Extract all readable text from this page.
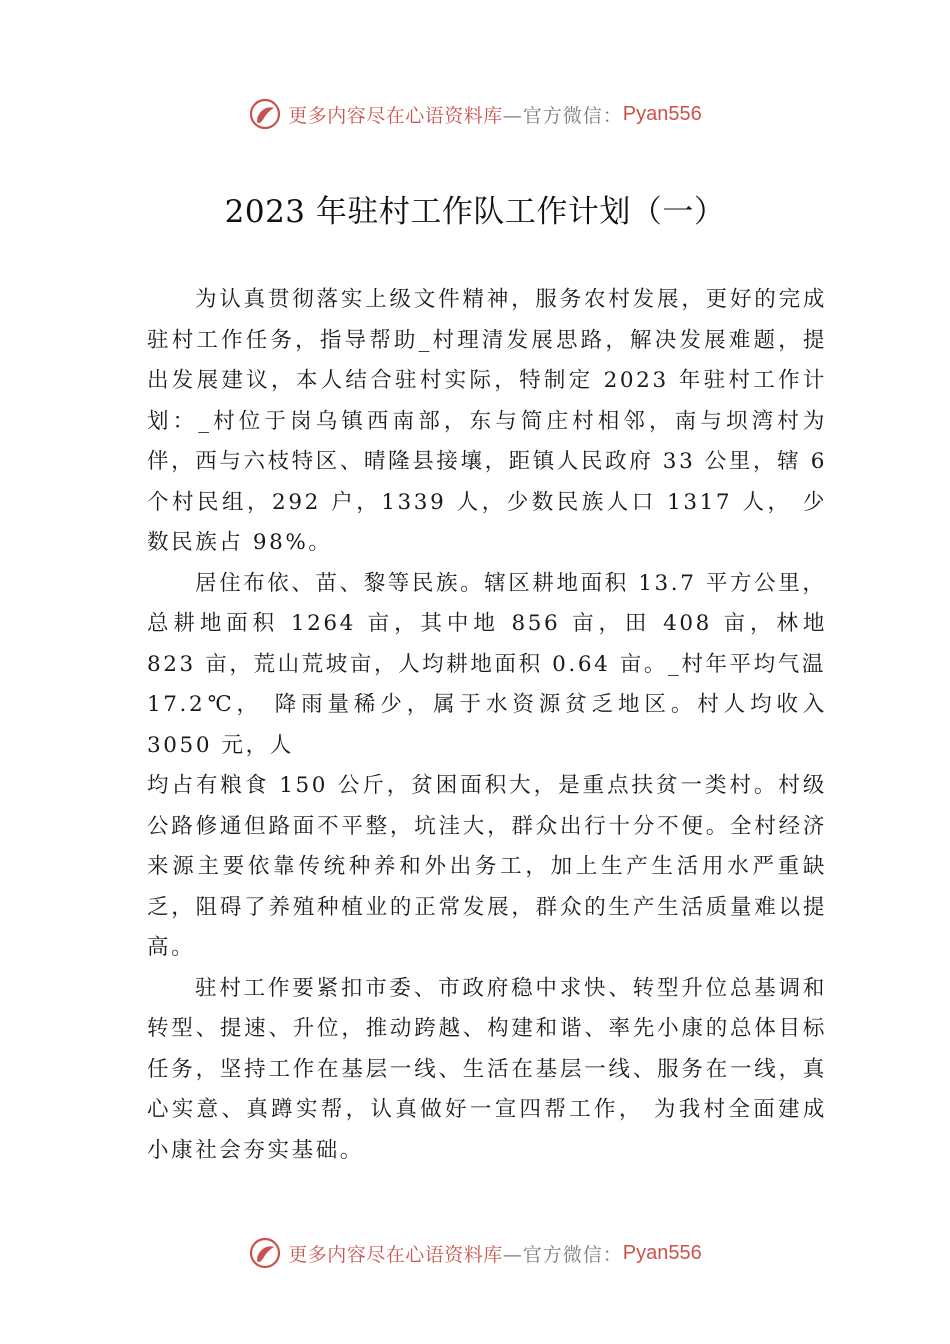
更多内容尽在心语资料库 —官方微信： Pyan556
2023 年驻村工作队工作计划（一）

为认真贯彻落实上级文件精神，服务农村发展，更好的完成驻村工作任务，指导帮助_村理清发展思路，解决发展难题，提出发展建议，本人结合驻村实际，特制定 2023 年驻村工作计划：_村位于岗乌镇西南部，东与简庄村相邻，南与坝湾村为伴，西与六枝特区、晴隆县接壤，距镇人民政府 33 公里，辖 6 个村民组，292 户，1339 人，少数民族人口 1317 人， 少数民族占 98%。

居住布依、苗、黎等民族。辖区耕地面积 13.7 平方公里，

总耕地面积 1264 亩，其中地 856 亩，田 408 亩，林地 823 亩，荒山荒坡亩，人均耕地面积 0.64 亩。_村年平均气温

17.2℃， 降雨量稀少，属于水资源贫乏地区。村人均收入 3050 元，人

均占有粮食 150 公斤，贫困面积大，是重点扶贫一类村。村级公路修通但路面不平整，坑洼大，群众出行十分不便。全村经济来源主要依靠传统种养和外出务工，加上生产生活用水严重缺乏，阻碍了养殖种植业的正常发展，群众的生产生活质量难以提高。

驻村工作要紧扣市委、市政府稳中求快、转型升位总基调和转型、提速、升位，推动跨越、构建和谐、率先小康的总体目标任务，坚持工作在基层一线、生活在基层一线、服务在一线，真心实意、真蹲实帮，认真做好一宣四帮工作， 为我村全面建成小康社会夯实基础。

更多内容尽在心语资料库 —官方微信： Pyan556
